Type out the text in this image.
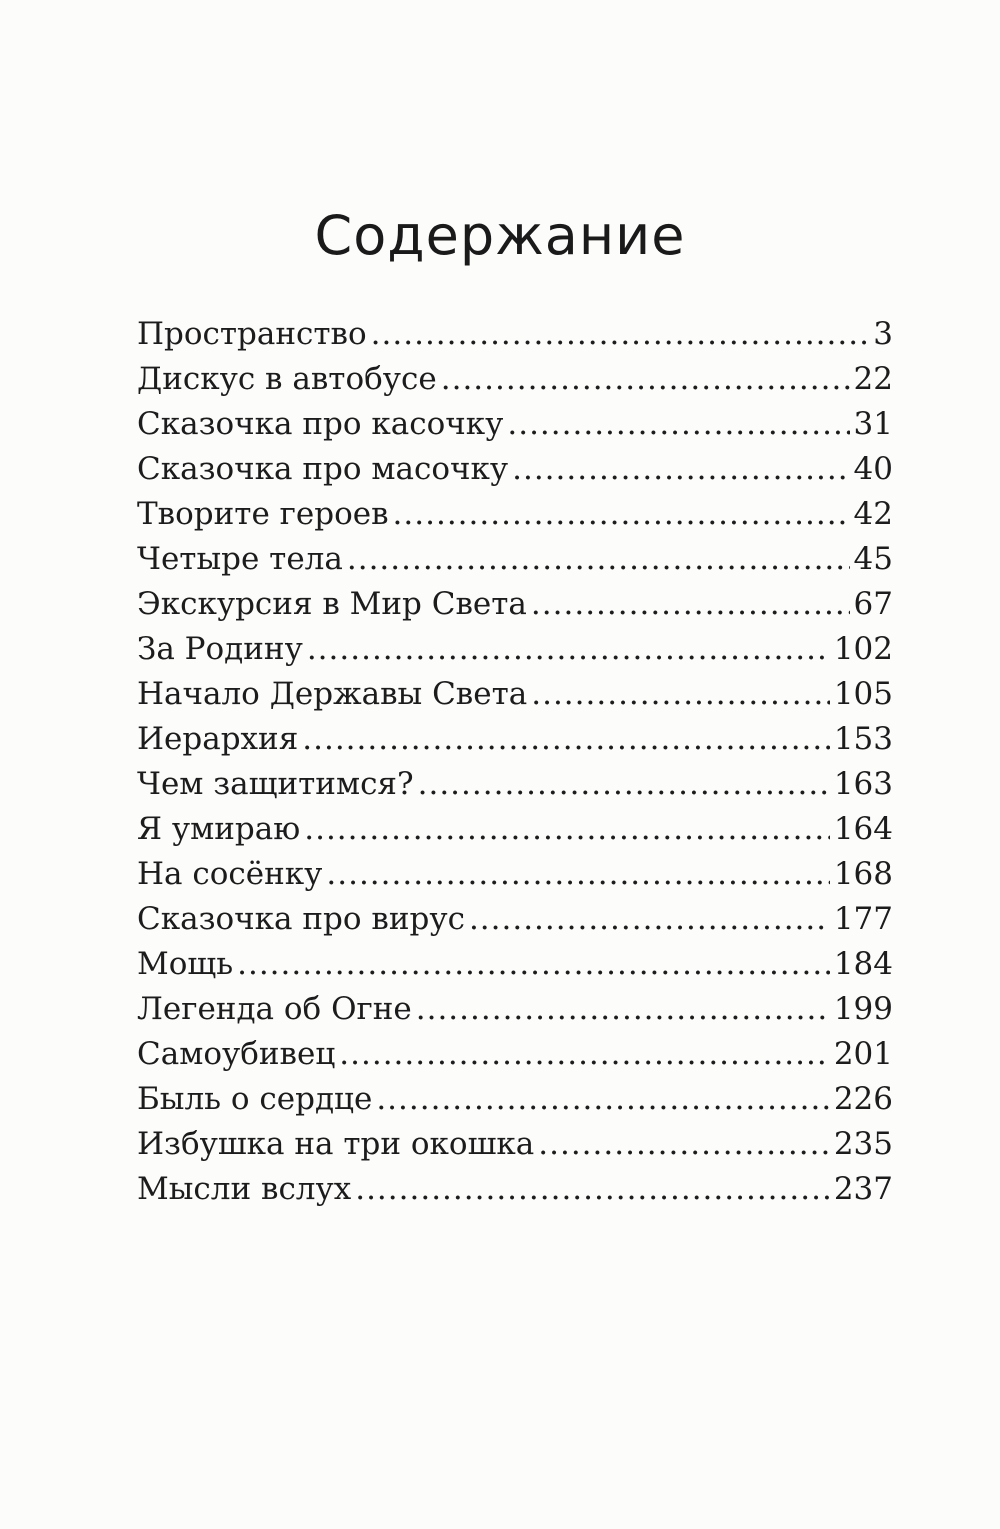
Содержание
Пространство .....	3
Дискус в автобусе .....	22
Сказочка про касочку .....	31
Сказочка про масочку .....	40
Творите героев .....	42
Четыре тела .....	45
Экскурсия в Мир Света .....	67
За Родину .....	102
Начало Державы Света .....	105
Иерархия .....	153
Чем защитимся? .....	163
Я умираю .....	164
На сосёнку .....	168
Сказочка про вирус .....	177
Мощь .....	184
Легенда об Огне .....	199
Самоубивец .....	201
Быль о сердце .....	226
Избушка на три окошка .....	235
Мысли вслух .....	237
